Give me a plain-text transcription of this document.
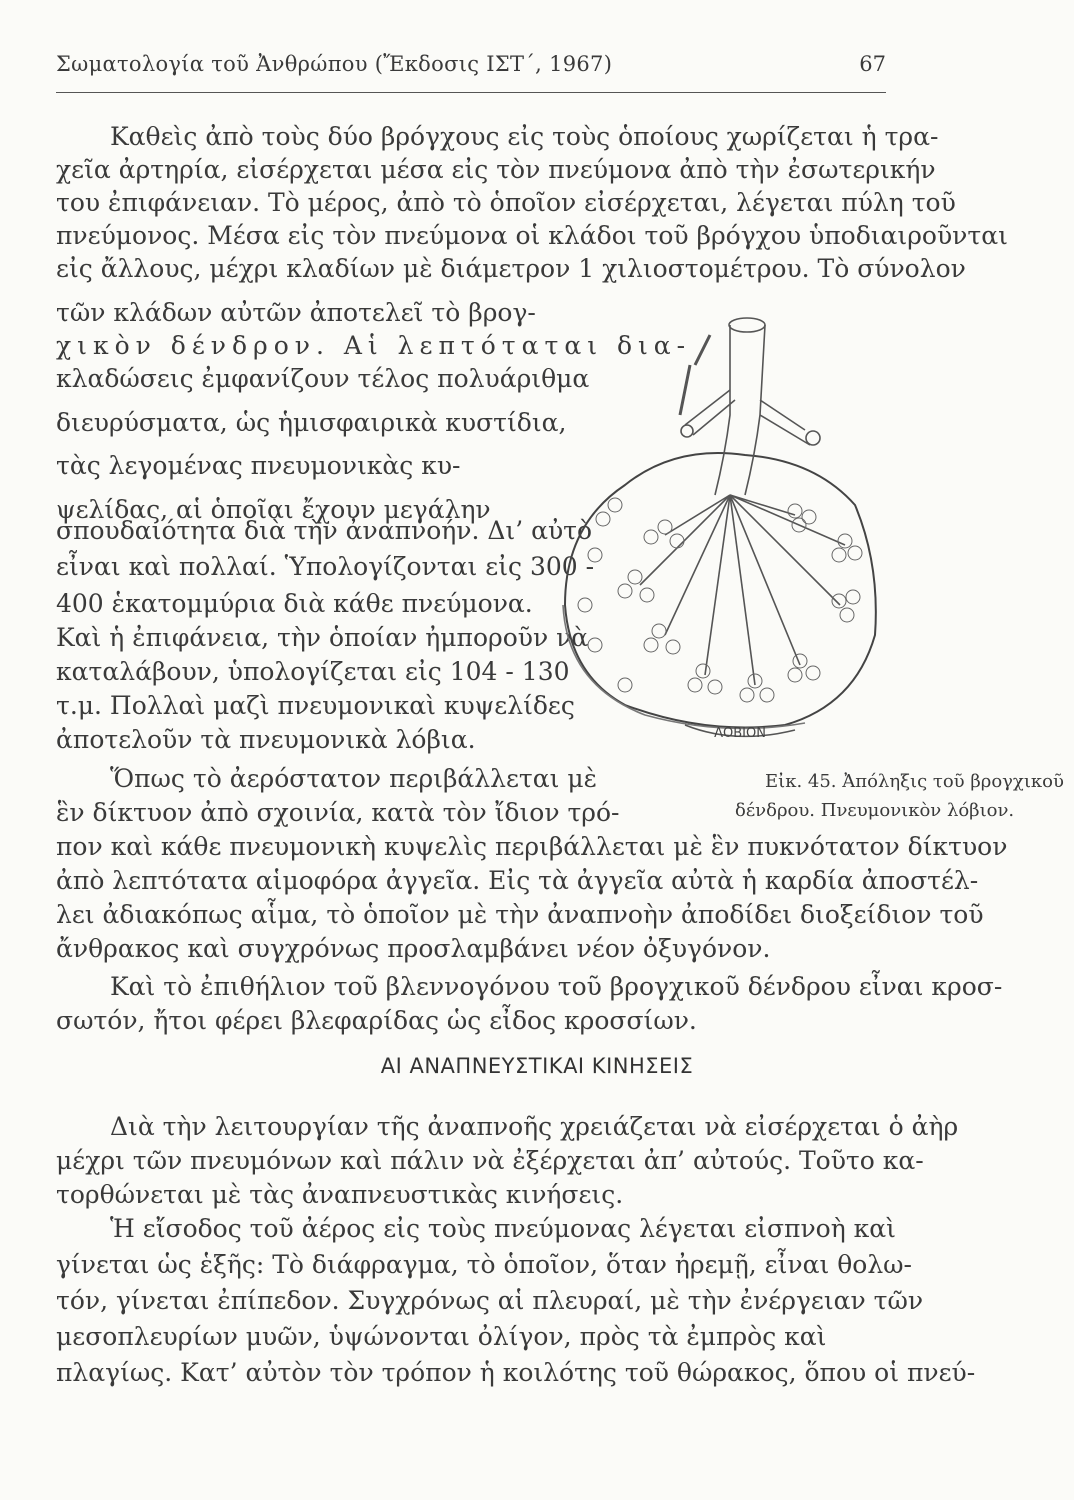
Σωματολογία τοῦ Ἀνθρώπου (Ἔκδοσις ΙΣΤ΄, 1967)	67
Καθεὶς ἀπὸ τοὺς δύο βρόγχους εἰς τοὺς ὁποίους χωρίζεται ἡ τρα-
χεῖα ἀρτηρία, εἰσέρχεται μέσα εἰς τὸν πνεύμονα ἀπὸ τὴν ἐσωτερικήν
του ἐπιφάνειαν. Τὸ μέρος, ἀπὸ τὸ ὁποῖον εἰσέρχεται, λέγεται πύλη τοῦ
πνεύμονος. Μέσα εἰς τὸν πνεύμονα οἱ κλάδοι τοῦ βρόγχου ὑποδιαιροῦνται
εἰς ἄλλους, μέχρι κλαδίων μὲ διάμετρον 1 χιλιοστομέτρου. Τὸ σύνολον
τῶν κλάδων αὐτῶν ἀποτελεῖ τὸ βρογ-
χικὸν δένδρον. Αἱ λεπτόταται δια-
κλαδώσεις ἐμφανίζουν τέλος πολυάριθμα
διευρύσματα, ὡς ἡμισφαιρικὰ κυστίδια,
τὰς λεγομένας πνευμονικὰς κυ-
ψελίδας, αἱ ὁποῖαι ἔχουν μεγάλην
σπουδαιότητα διὰ τὴν ἀναπνοήν. Δι’ αὐτὸ
εἶναι καὶ πολλαί. Ὑπολογίζονται εἰς 300 -
400 ἑκατομμύρια διὰ κάθε πνεύμονα.
Καὶ ἡ ἐπιφάνεια, τὴν ὁποίαν ἠμποροῦν νὰ
καταλάβουν, ὑπολογίζεται εἰς 104 - 130
τ.μ. Πολλαὶ μαζὶ πνευμονικαὶ κυψελίδες
ἀποτελοῦν τὰ πνευμονικὰ λόβια.
Ὅπως τὸ ἀερόστατον περιβάλλεται μὲ
ἓν δίκτυον ἀπὸ σχοινία, κατὰ τὸν ἴδιον τρό-
πον καὶ κάθε πνευμονικὴ κυψελὶς περιβάλλεται μὲ ἓν πυκνότατον δίκτυον
ἀπὸ λεπτότατα αἱμοφόρα ἀγγεῖα. Εἰς τὰ ἀγγεῖα αὐτὰ ἡ καρδία ἀποστέλ-
λει ἀδιακόπως αἷμα, τὸ ὁποῖον μὲ τὴν ἀναπνοὴν ἀποδίδει διοξείδιον τοῦ
ἄνθρακος καὶ συγχρόνως προσλαμβάνει νέον ὀξυγόνον.
Καὶ τὸ ἐπιθήλιον τοῦ βλεννογόνου τοῦ βρογχικοῦ δένδρου εἶναι κροσ-
σωτόν, ἤτοι φέρει βλεφαρίδας ὡς εἶδος κροσσίων.
ΑΙ ΑΝΑΠΝΕΥΣΤΙΚΑΙ ΚΙΝΗΣΕΙΣ
Διὰ τὴν λειτουργίαν τῆς ἀναπνοῆς χρειάζεται νὰ εἰσέρχεται ὁ ἀὴρ
μέχρι τῶν πνευμόνων καὶ πάλιν νὰ ἐξέρχεται ἀπ’ αὐτούς. Τοῦτο κα-
τορθώνεται μὲ τὰς ἀναπνευστικὰς κινήσεις.
Ἡ εἴσοδος τοῦ ἀέρος εἰς τοὺς πνεύμονας λέγεται εἰσπνοὴ καὶ
γίνεται ὡς ἑξῆς: Τὸ διάφραγμα, τὸ ὁποῖον, ὅταν ἠρεμῇ, εἶναι θολω-
τόν, γίνεται ἐπίπεδον. Συγχρόνως αἱ πλευραί, μὲ τὴν ἐνέργειαν τῶν
μεσοπλευρίων μυῶν, ὑψώνονται ὀλίγον, πρὸς τὰ ἐμπρὸς καὶ
πλαγίως. Κατ’ αὐτὸν τὸν τρόπον ἡ κοιλότης τοῦ θώρακος, ὅπου οἱ πνεύ-
ΛΟΒΙΟΝ
Εἰκ. 45. Ἀπόληξις τοῦ βρογχικοῦ
δένδρου. Πνευμονικὸν λόβιον.
